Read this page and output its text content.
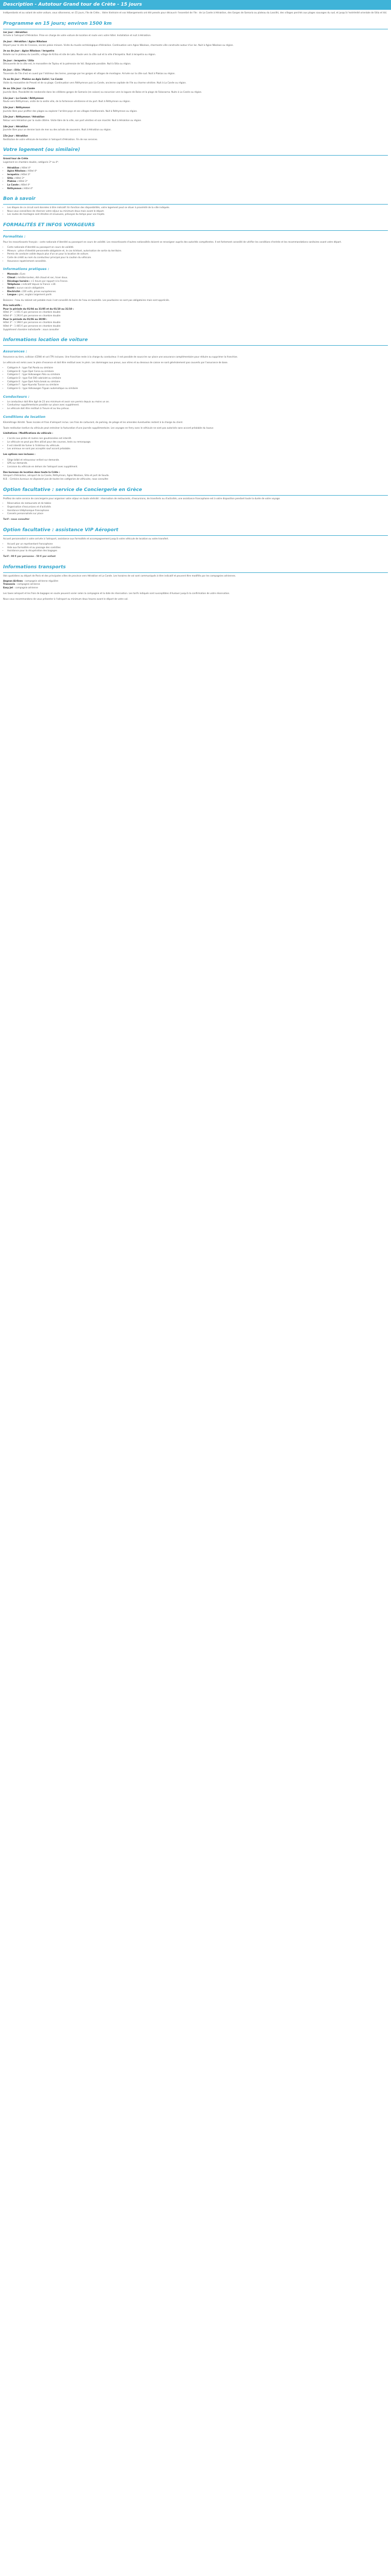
Description - Autotour Grand tour de Crète - 15 jours

Indépendants et au volant de votre voiture, vous sillonnerez, en 15 jours, l'île de Crète... Votre itinéraire et vos hébergements ont été pensés pour découvrir l'essentiel de l'île : de La Canée à Héraklion, des Gorges de Samaria au plateau du Lassithi, des villages perchés aux plages sauvages du sud, et jusqu'à l'extrémité orientale de Sitia et Vaï.

Programme en 15 jours; environ 1500 km
1er jour : Héraklion
Arrivée à l'aéroport d'Héraklion. Prise en charge de votre voiture de location et route vers votre hôtel. Installation et nuit à Héraklion.
2e jour : Héraklion / Agios Nikolaos
Départ pour le site de Cnossos, ancien palais minoen. Visite du musée archéologique d'Héraklion. Continuation vers Agios Nikolaos, charmante ville construite autour d'un lac. Nuit à Agios Nikolaos ou région.
3e au 4e jour : Agios Nikolaos / Ierapetra
Balade sur le plateau du Lassithi, village de Kritsa et site de Lato. Route vers la côte sud et la ville d'Ierapetra. Nuit à Ierapetra ou région.
5e jour : Ierapetra / Sitia
Découverte de la côte est, le monastère de Toplou et la palmeraie de Vaï. Baignade possible. Nuit à Sitia ou région.
6e jour : Sitia / Plakias
Traversée de l'île d'est en ouest par l'intérieur des terres, passage par les gorges et villages de montagne. Arrivée sur la côte sud. Nuit à Plakias ou région.
7e au 8e jour : Plakias ou Agia Galini / La Canée
Visite du monastère de Preveli et de sa plage. Continuation vers Réthymnon puis La Canée, ancienne capitale de l'île au charme vénitien. Nuit à La Canée ou région.
9e au 10e jour : La Canée
Journée libre. Possibilité de randonnée dans les célèbres gorges de Samaria (en saison) ou excursion vers la lagune de Balos et la plage de Falassarna. Nuits à La Canée ou région.
11e jour : La Canée / Réthymnon
Route vers Réthymnon, visite de la vieille ville, de la forteresse vénitienne et du port. Nuit à Réthymnon ou région.
12e jour : Réthymnon
Journée libre pour profiter des plages ou explorer l'arrière-pays et ses villages traditionnels. Nuit à Réthymnon ou région.
13e jour : Réthymnon / Héraklion
Retour vers Héraklion par la route côtière. Visite libre de la ville, son port vénitien et son marché. Nuit à Héraklion ou région.
14e jour : Héraklion
Journée libre pour un dernier bain de mer ou des achats de souvenirs. Nuit à Héraklion ou région.
15e jour : Héraklion
Restitution de votre véhicule de location à l'aéroport d'Héraklion. Fin de nos services.
Votre logement (ou similaire)
Grand tour de Crète
Logement en chambre double, catégorie 3* ou 4*.
• Héraklion : Hôtel 4*
• Agios Nikolaos : Hôtel 4*
• Ierapetra : Hôtel 3*
• Sitia : Hôtel 3*
• Plakias : Hôtel 3*
• La Canée : Hôtel 4*
• Réthymnon : Hôtel 4*
Bon à savoir
• Les étapes de ce circuit sont données à titre indicatif. En fonction des disponibilités, votre logement peut se situer à proximité de la ville indiquée.
• Nous vous conseillons de réserver votre séjour au minimum deux mois avant le départ.
• Les routes de montagne sont étroites et sinueuses, prévoyez du temps pour vos trajets.
FORMALITÉS ET INFOS VOYAGEURS
Formalités :

Pour les ressortissants français : carte nationale d'identité ou passeport en cours de validité. Les ressortissants d'autres nationalités doivent se renseigner auprès des autorités compétentes. Il est fortement conseillé de vérifier les conditions d'entrée et les recommandations sanitaires avant votre départ.

• Carte nationale d'identité ou passeport en cours de validité.
• Mineurs : pièce d'identité personnelle obligatoire et, le cas échéant, autorisation de sortie du territoire.
• Permis de conduire valide depuis plus d'un an pour la location de voiture.
• Carte de crédit au nom du conducteur principal pour la caution du véhicule.
• Assurance rapatriement conseillée.
Informations pratiques :
• Monnaie : Euro
• Climat : méditerranéen, été chaud et sec, hiver doux.
• Décalage horaire : +1 heure par rapport à la France.
• Téléphone : indicatif depuis la France +30.
• Santé : aucun vaccin obligatoire.
• Électricité : 220 volts, prises européennes.
• Langue : grec, anglais largement parlé.

Boissons : l'eau du robinet est potable mais il est conseillé de boire de l'eau en bouteille. Les pourboires ne sont pas obligatoires mais sont appréciés.

Prix indicatifs :
Pour la période du 01/04 au 31/05 et du 01/10 au 31/10 :
Hôtel 3* : 1 051 € par personne en chambre double
Hôtel 4* : 1 293 € par personne en chambre double
Pour la période du 01/06 au 30/09 :
Hôtel 3* : 1 198 € par personne en chambre double
Hôtel 4* : 1 465 € par personne en chambre double
Supplément chambre individuelle : nous consulter
Informations location de voiture
Assurances :

Assurance au tiers, collision (CDW) et vol (TP) incluses. Une franchise reste à la charge du conducteur. Il est possible de souscrire sur place une assurance complémentaire pour réduire ou supprimer la franchise.

Le véhicule est remis avec le plein d'essence et doit être restitué avec le plein. Les dommages aux pneus, aux vitres et au dessous de caisse ne sont généralement pas couverts par l'assurance de base.

• Catégorie A : type Fiat Panda ou similaire
• Catégorie B : type Opel Corsa ou similaire
• Catégorie C : type Volkswagen Polo ou similaire
• Catégorie D : type Fiat 500 cabriolet ou similaire
• Catégorie E : type Opel Astra break ou similaire
• Catégorie F : type Hyundai Tucson ou similaire
• Catégorie G : type Volkswagen Tiguan automatique ou similaire
Conducteurs :
• Le conducteur doit être âgé de 23 ans minimum et avoir son permis depuis au moins un an.
• Conducteur supplémentaire possible sur place avec supplément.
• Le véhicule doit être restitué à l'heure et au lieu prévus.
Conditions de location

Kilométrage illimité. Taxes locales et frais d'aéroport inclus. Les frais de carburant, de parking, de péage et les amendes éventuelles restent à la charge du client.

Toute restitution tardive du véhicule peut entraîner la facturation d'une journée supplémentaire. Les voyages en ferry avec le véhicule ne sont pas autorisés sans accord préalable du loueur.

Limitations / Modifications du véhicule :
• L'accès aux pistes et routes non goudronnées est interdit.
• Le véhicule ne peut pas être utilisé pour des courses, tests ou remorquage.
• Il est interdit de fumer à l'intérieur du véhicule.
• Les animaux ne sont pas acceptés sauf accord préalable.
Les options non incluses :
• Siège bébé et rehausseur enfant sur demande.
• GPS sur demande.
• Livraison du véhicule en dehors de l'aéroport avec supplément.
Des bureaux de location dans toute la Crète :
Aéroport d'Héraklion, aéroport de La Canée, Réthymnon, Agios Nikolaos, Sitia et port de Souda.
N.B. : Certains bureaux ne disposent pas de toutes les catégories de véhicules, nous consulter.
Option facultative : service de Conciergerie en Grèce

Profitez de notre service de conciergerie pour organiser votre séjour en toute sérénité : réservation de restaurants, d'excursions, de transferts ou d'activités, une assistance francophone est à votre disposition pendant toute la durée de votre voyage.

• Réservation de restaurants et de tables
• Organisation d'excursions et d'activités
• Assistance téléphonique francophone
• Conseils personnalisés sur place

Tarif : nous consulter

Option facultative : assistance VIP Aéroport

Accueil personnalisé à votre arrivée à l'aéroport, assistance aux formalités et accompagnement jusqu'à votre véhicule de location ou votre transfert.

• Accueil par un représentant francophone
• Aide aux formalités et au passage des contrôles
• Assistance pour la récupération des bagages

Tarif : 90 € par personne - 50 € par enfant

Informations transports

Vols quotidiens au départ de Paris et des principales villes de province vers Héraklion et La Canée. Les horaires de vol sont communiqués à titre indicatif et peuvent être modifiés par les compagnies aériennes.

Aegean Airlines : compagnie aérienne régulière
Transavia : compagnie aérienne
Easy Jet : compagnie aérienne

Les taxes aéroport et les frais de bagages en soute peuvent varier selon la compagnie et la date de réservation. Les tarifs indiqués sont susceptibles d'évoluer jusqu'à la confirmation de votre réservation.

Nous vous recommandons de vous présenter à l'aéroport au minimum deux heures avant le départ de votre vol.
